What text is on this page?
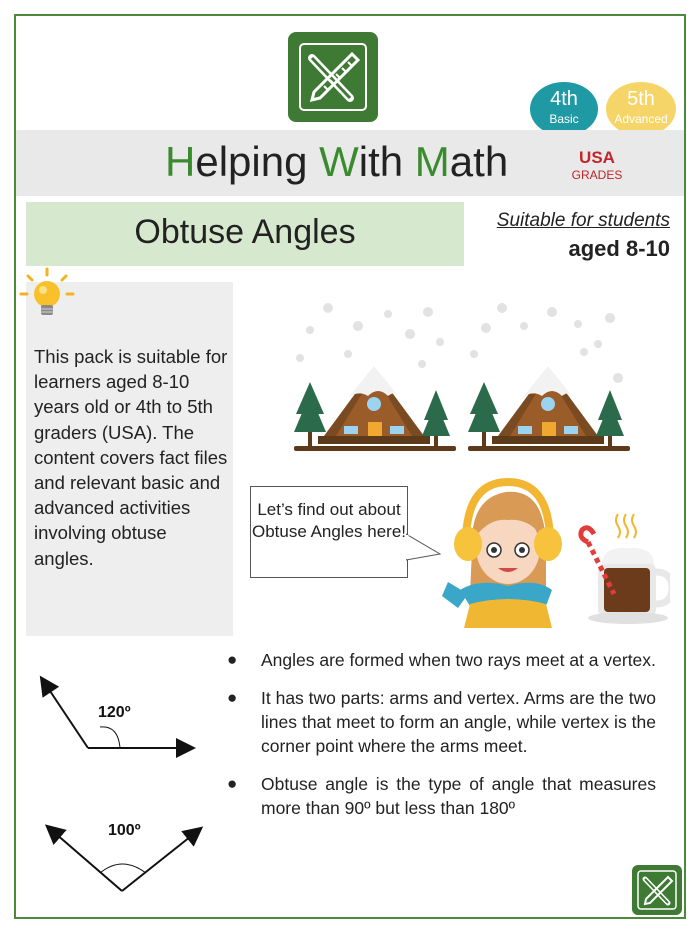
4th
Basic
5th
Advanced
Helping With Math	USA
GRADES
Obtuse Angles	Suitable for students
aged 8-10
This pack is suitable for learners aged 8-10 years old or 4th to 5th graders (USA). The content covers fact files and relevant basic and advanced activities involving obtuse angles.
Let’s find out about Obtuse Angles here!
120º
100º
● Angles are formed when two rays meet at a vertex.
● It has two parts: arms and vertex. Arms are the two lines that meet to form an angle, while vertex is the corner point where the arms meet.
● Obtuse angle is the type of angle that measures more than 90º but less than 180º
